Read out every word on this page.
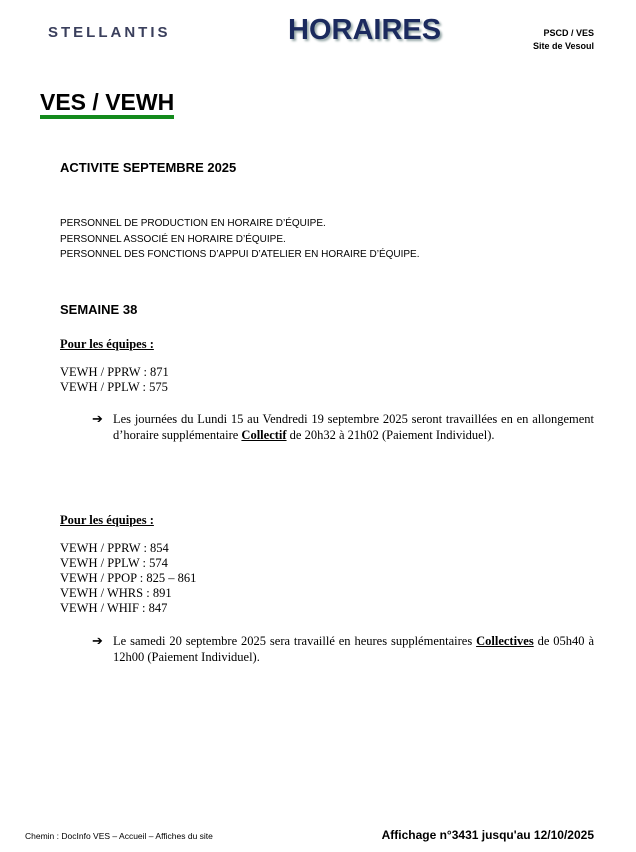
STELLANTIS	HORAIRES	PSCD / VES
Site de Vesoul
VES / VEWH
ACTIVITE SEPTEMBRE 2025
PERSONNEL DE PRODUCTION EN HORAIRE D’ÉQUIPE.
PERSONNEL ASSOCIÉ EN HORAIRE D’ÉQUIPE.
PERSONNEL DES FONCTIONS D’APPUI D’ATELIER EN HORAIRE D’ÉQUIPE.
SEMAINE 38
Pour les équipes :
VEWH / PPRW : 871
VEWH / PPLW : 575
➔ Les journées du Lundi 15 au Vendredi 19 septembre 2025 seront travaillées en en allongement d’horaire supplémentaire Collectif de 20h32 à 21h02 (Paiement Individuel).
Pour les équipes :
VEWH / PPRW : 854
VEWH / PPLW : 574
VEWH / PPOP : 825 – 861
VEWH / WHRS : 891
VEWH / WHIF : 847
➔ Le samedi 20 septembre 2025 sera travaillé en heures supplémentaires Collectives de 05h40 à 12h00 (Paiement Individuel).
Chemin : DocInfo VES – Accueil – Affiches du site	Affichage n°3431 jusqu'au 12/10/2025
